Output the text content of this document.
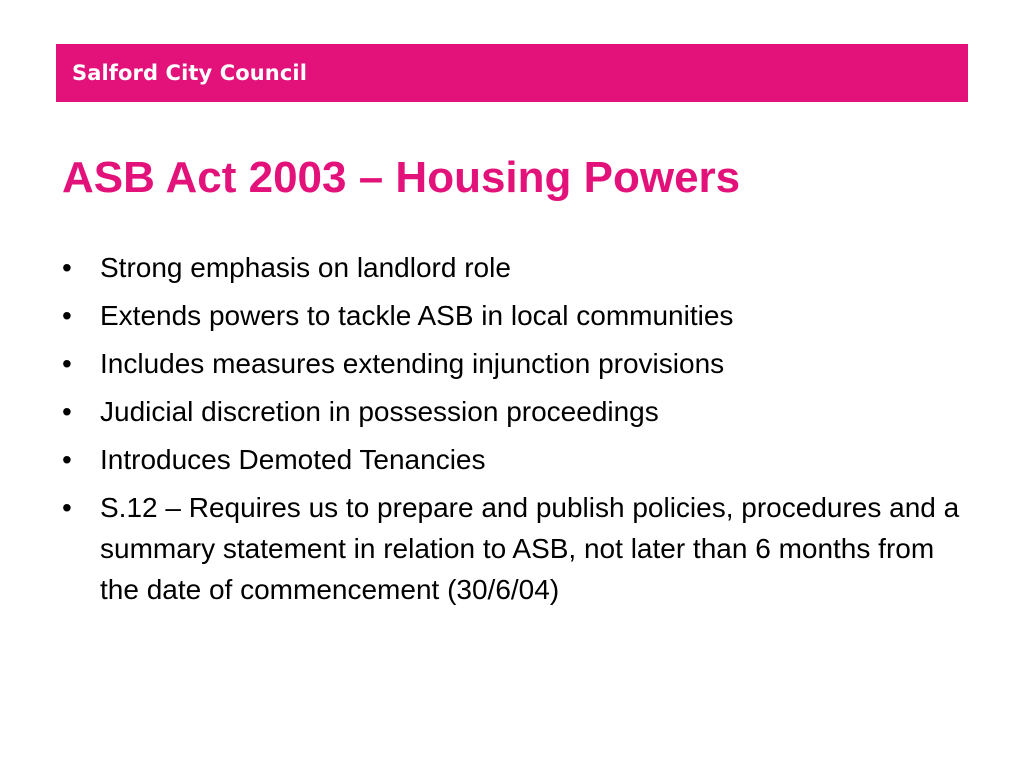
Salford City Council
ASB Act 2003 – Housing Powers
• Strong emphasis on landlord role
• Extends powers to tackle ASB in local communities
• Includes measures extending injunction provisions
• Judicial discretion in possession proceedings
• Introduces Demoted Tenancies
• S.12 – Requires us to prepare and publish policies, procedures and a summary statement in relation to ASB, not later than 6 months from the date of commencement (30/6/04)
